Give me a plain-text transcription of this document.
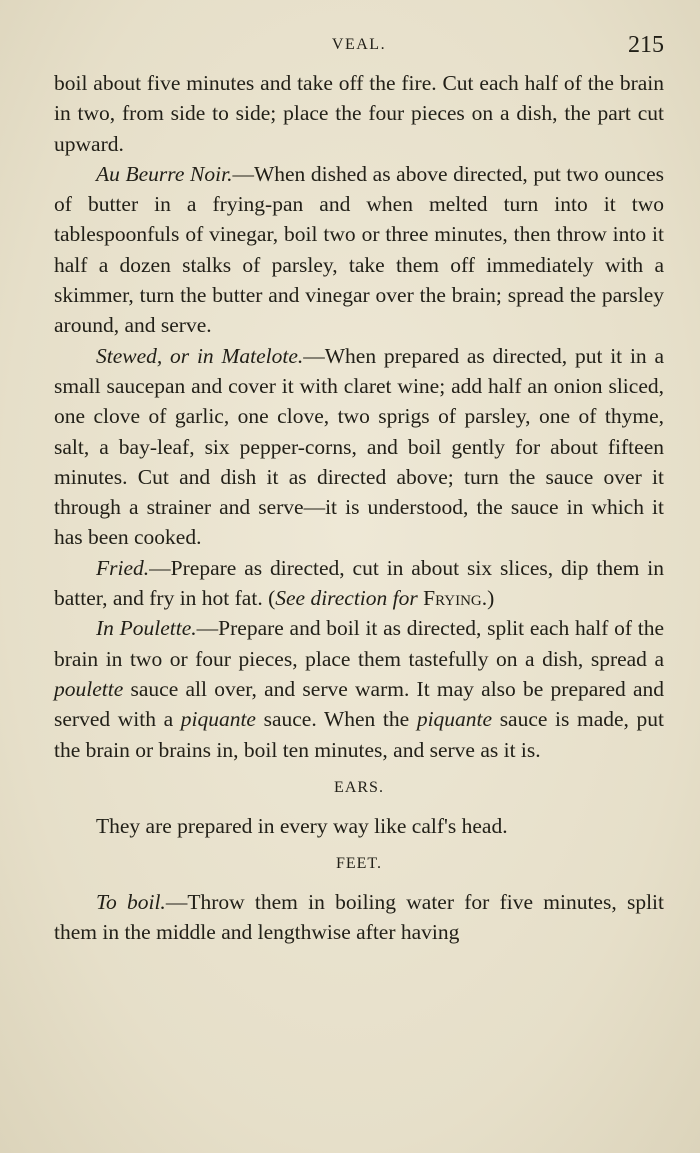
VEAL.	215

boil about five minutes and take off the fire. Cut each half of the brain in two, from side to side; place the four pieces on a dish, the part cut upward.

Au Beurre Noir.—When dished as above directed, put two ounces of butter in a frying-pan and when melted turn into it two tablespoonfuls of vinegar, boil two or three minutes, then throw into it half a dozen stalks of parsley, take them off immediately with a skimmer, turn the butter and vinegar over the brain; spread the parsley around, and serve.

Stewed, or in Matelote.—When prepared as directed, put it in a small saucepan and cover it with claret wine; add half an onion sliced, one clove of garlic, one clove, two sprigs of parsley, one of thyme, salt, a bay-leaf, six pepper-corns, and boil gently for about fifteen minutes. Cut and dish it as directed above; turn the sauce over it through a strainer and serve—it is understood, the sauce in which it has been cooked.

Fried.—Prepare as directed, cut in about six slices, dip them in batter, and fry in hot fat. (See direction for Frying.)

In Poulette.—Prepare and boil it as directed, split each half of the brain in two or four pieces, place them tastefully on a dish, spread a poulette sauce all over, and serve warm. It may also be prepared and served with a piquante sauce. When the piquante sauce is made, put the brain or brains in, boil ten minutes, and serve as it is.

EARS.

They are prepared in every way like calf's head.

FEET.

To boil.—Throw them in boiling water for five minutes, split them in the middle and lengthwise after having
